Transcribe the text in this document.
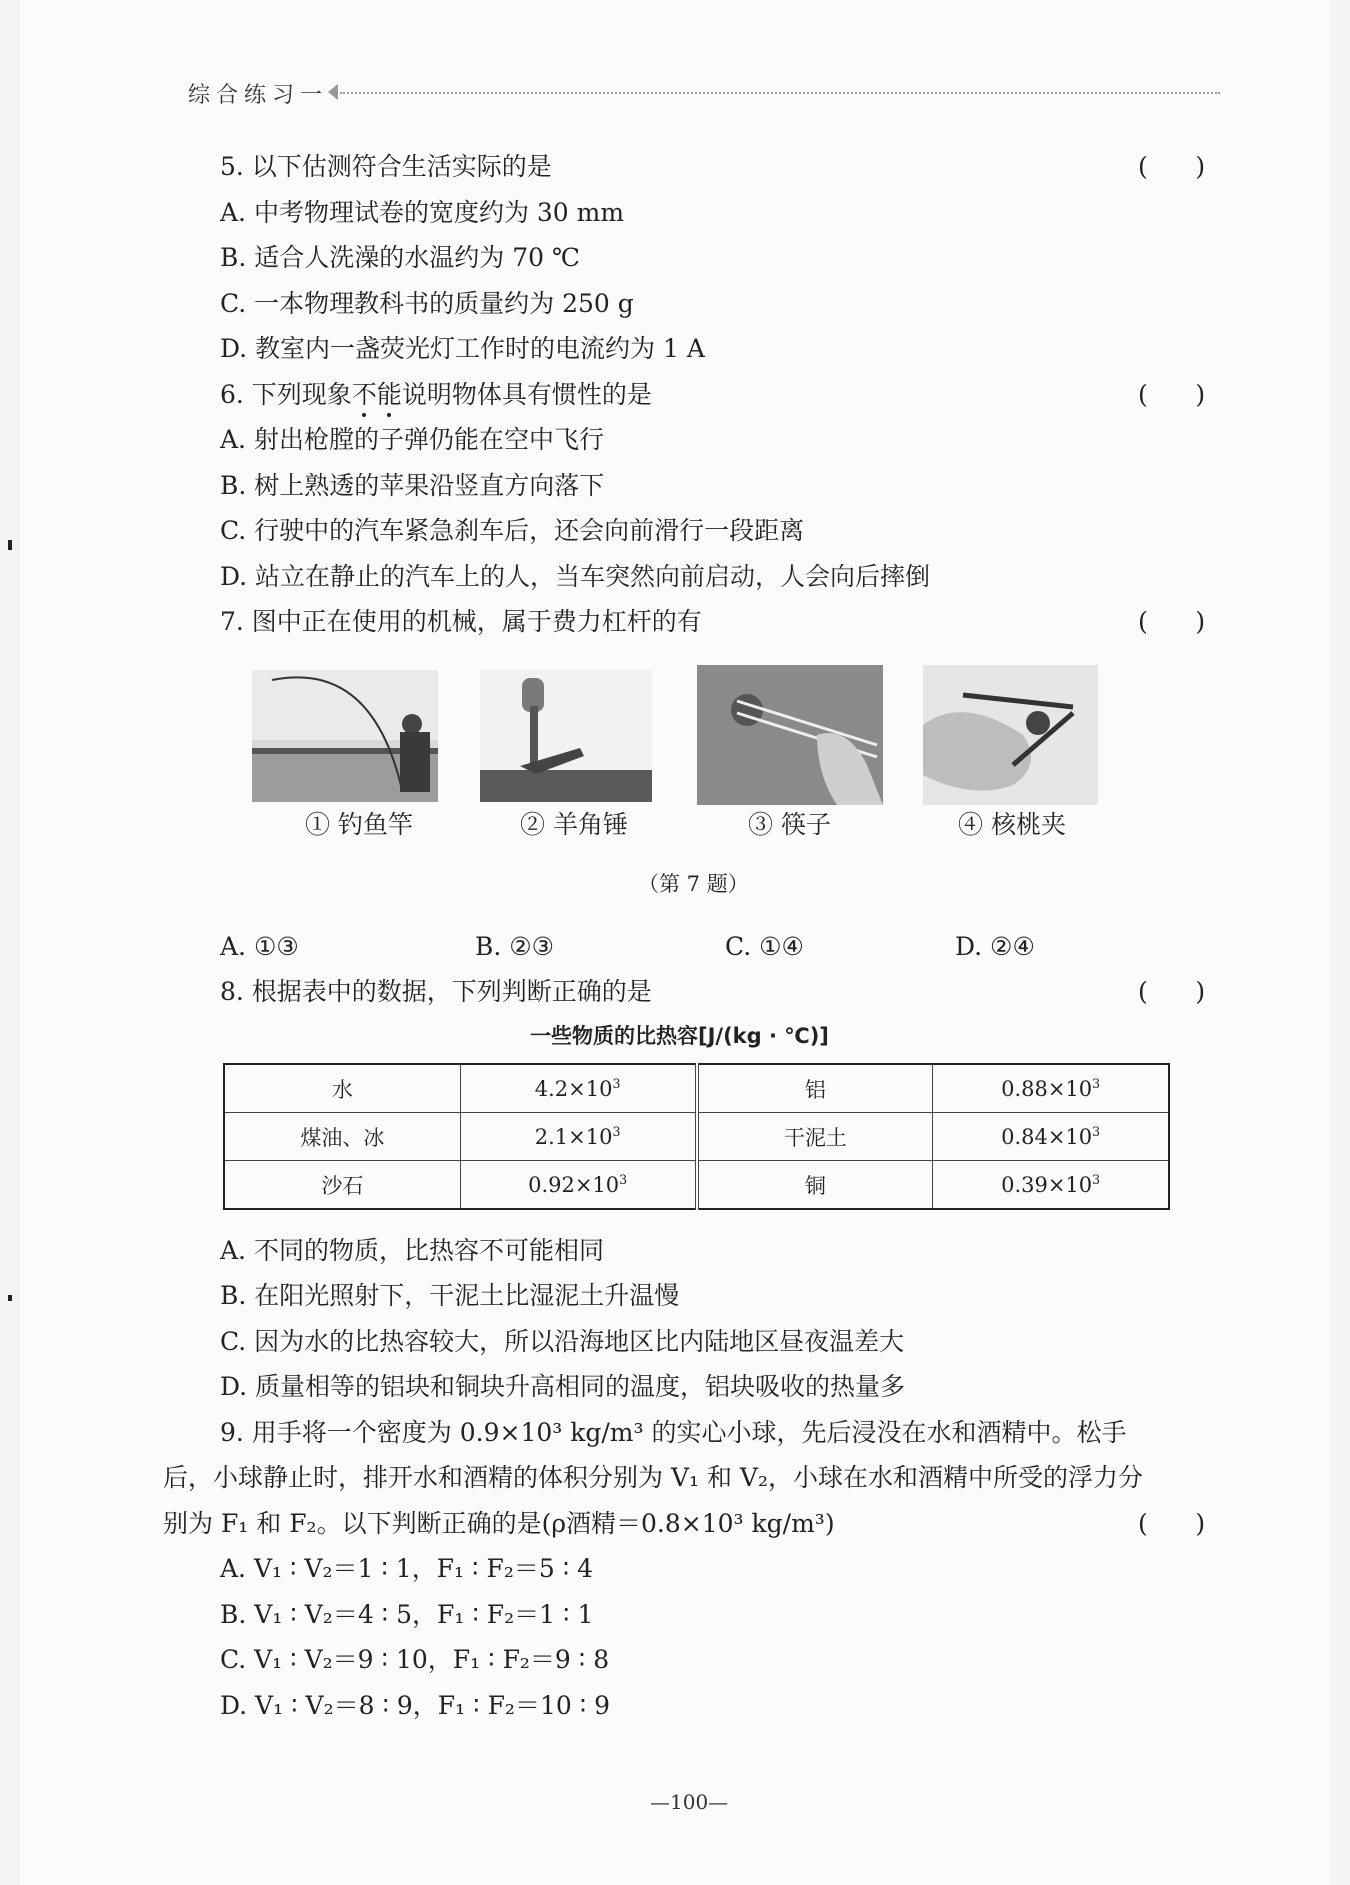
综合练习一
5. 以下估测符合生活实际的是	(      )
A. 中考物理试卷的宽度约为 30 mm
B. 适合人洗澡的水温约为 70 ℃
C. 一本物理教科书的质量约为 250 g
D. 教室内一盏荧光灯工作时的电流约为 1 A
6. 下列现象不能说明物体具有惯性的是	(      )
A. 射出枪膛的子弹仍能在空中飞行
B. 树上熟透的苹果沿竖直方向落下
C. 行驶中的汽车紧急刹车后，还会向前滑行一段距离
D. 站立在静止的汽车上的人，当车突然向前启动，人会向后摔倒
7. 图中正在使用的机械，属于费力杠杆的有	(      )
① 钓鱼竿	② 羊角锤	③ 筷子	④ 核桃夹
（第 7 题）
A. ①③	B. ②③	C. ①④	D. ②④
8. 根据表中的数据，下列判断正确的是	(      )
一些物质的比热容[J/(kg · ℃)]
水	$4.2\times 10^3$	铝	$0.88\times 10^3$
煤油、冰	$2.1\times 10^3$	干泥土	$0.84\times 10^3$
沙石	$0.92\times 10^3$	铜	$0.39\times 10^3$
A. 不同的物质，比热容不可能相同
B. 在阳光照射下，干泥土比湿泥土升温慢
C. 因为水的比热容较大，所以沿海地区比内陆地区昼夜温差大
D. 质量相等的铝块和铜块升高相同的温度，铝块吸收的热量多
9. 用手将一个密度为 0.9×10³ kg/m³ 的实心小球，先后浸没在水和酒精中。松手
后，小球静止时，排开水和酒精的体积分别为 V₁ 和 V₂，小球在水和酒精中所受的浮力分
别为 F₁ 和 F₂。以下判断正确的是(ρ酒精＝0.8×10³ kg/m³)	(      )
A. V₁ ∶ V₂＝1 ∶ 1，F₁ ∶ F₂＝5 ∶ 4
B. V₁ ∶ V₂＝4 ∶ 5，F₁ ∶ F₂＝1 ∶ 1
C. V₁ ∶ V₂＝9 ∶ 10，F₁ ∶ F₂＝9 ∶ 8
D. V₁ ∶ V₂＝8 ∶ 9，F₁ ∶ F₂＝10 ∶ 9
—100—
